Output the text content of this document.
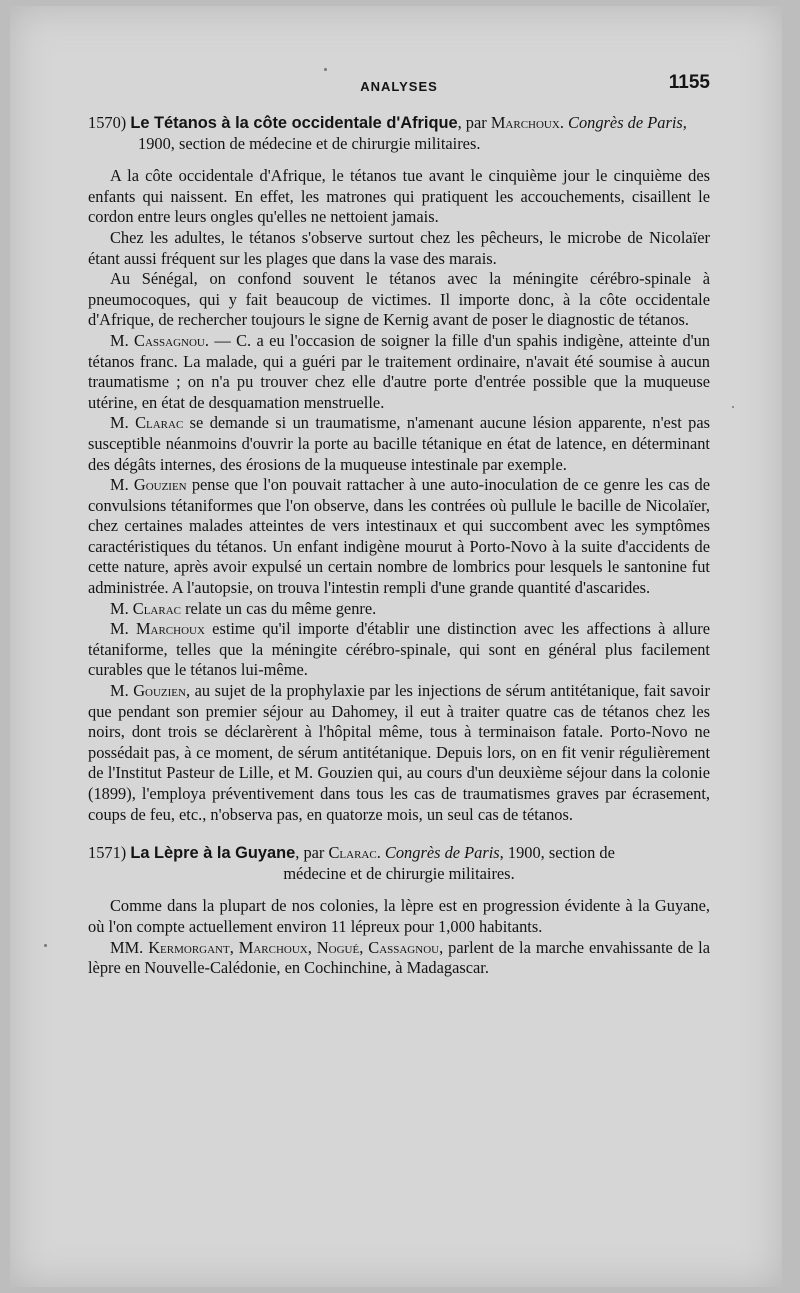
ANALYSES	1155
1570) Le Tétanos à la côte occidentale d'Afrique, par Marchoux. Congrès de Paris, 1900, section de médecine et de chirurgie militaires.

A la côte occidentale d'Afrique, le tétanos tue avant le cinquième jour le cinquième des enfants qui naissent. En effet, les matrones qui pratiquent les accouchements, cisaillent le cordon entre leurs ongles qu'elles ne nettoient jamais.

Chez les adultes, le tétanos s'observe surtout chez les pêcheurs, le microbe de Nicolaïer étant aussi fréquent sur les plages que dans la vase des marais.

Au Sénégal, on confond souvent le tétanos avec la méningite cérébro-spinale à pneumocoques, qui y fait beaucoup de victimes. Il importe donc, à la côte occidentale d'Afrique, de rechercher toujours le signe de Kernig avant de poser le diagnostic de tétanos.

M. Cassagnou. — C. a eu l'occasion de soigner la fille d'un spahis indigène, atteinte d'un tétanos franc. La malade, qui a guéri par le traitement ordinaire, n'avait été soumise à aucun traumatisme ; on n'a pu trouver chez elle d'autre porte d'entrée possible que la muqueuse utérine, en état de desquamation menstruelle.

M. Clarac se demande si un traumatisme, n'amenant aucune lésion apparente, n'est pas susceptible néanmoins d'ouvrir la porte au bacille tétanique en état de latence, en déterminant des dégâts internes, des érosions de la muqueuse intestinale par exemple.

M. Gouzien pense que l'on pouvait rattacher à une auto-inoculation de ce genre les cas de convulsions tétaniformes que l'on observe, dans les contrées où pullule le bacille de Nicolaïer, chez certaines malades atteintes de vers intestinaux et qui succombent avec les symptômes caractéristiques du tétanos. Un enfant indigène mourut à Porto-Novo à la suite d'accidents de cette nature, après avoir expulsé un certain nombre de lombrics pour lesquels le santonine fut administrée. A l'autopsie, on trouva l'intestin rempli d'une grande quantité d'ascarides.

M. Clarac relate un cas du même genre.

M. Marchoux estime qu'il importe d'établir une distinction avec les affections à allure tétaniforme, telles que la méningite cérébro-spinale, qui sont en général plus facilement curables que le tétanos lui-même.

M. Gouzien, au sujet de la prophylaxie par les injections de sérum antitétanique, fait savoir que pendant son premier séjour au Dahomey, il eut à traiter quatre cas de tétanos chez les noirs, dont trois se déclarèrent à l'hôpital même, tous à terminaison fatale. Porto-Novo ne possédait pas, à ce moment, de sérum antitétanique. Depuis lors, on en fit venir régulièrement de l'Institut Pasteur de Lille, et M. Gouzien qui, au cours d'un deuxième séjour dans la colonie (1899), l'employa préventivement dans tous les cas de traumatismes graves par écrasement, coups de feu, etc., n'observa pas, en quatorze mois, un seul cas de tétanos.

1571) La Lèpre à la Guyane, par Clarac. Congrès de Paris, 1900, section de
médecine et de chirurgie militaires.

Comme dans la plupart de nos colonies, la lèpre est en progression évidente à la Guyane, où l'on compte actuellement environ 11 lépreux pour 1,000 habitants.

MM. Kermorgant, Marchoux, Nogué, Cassagnou, parlent de la marche envahissante de la lèpre en Nouvelle-Calédonie, en Cochinchine, à Madagascar.
